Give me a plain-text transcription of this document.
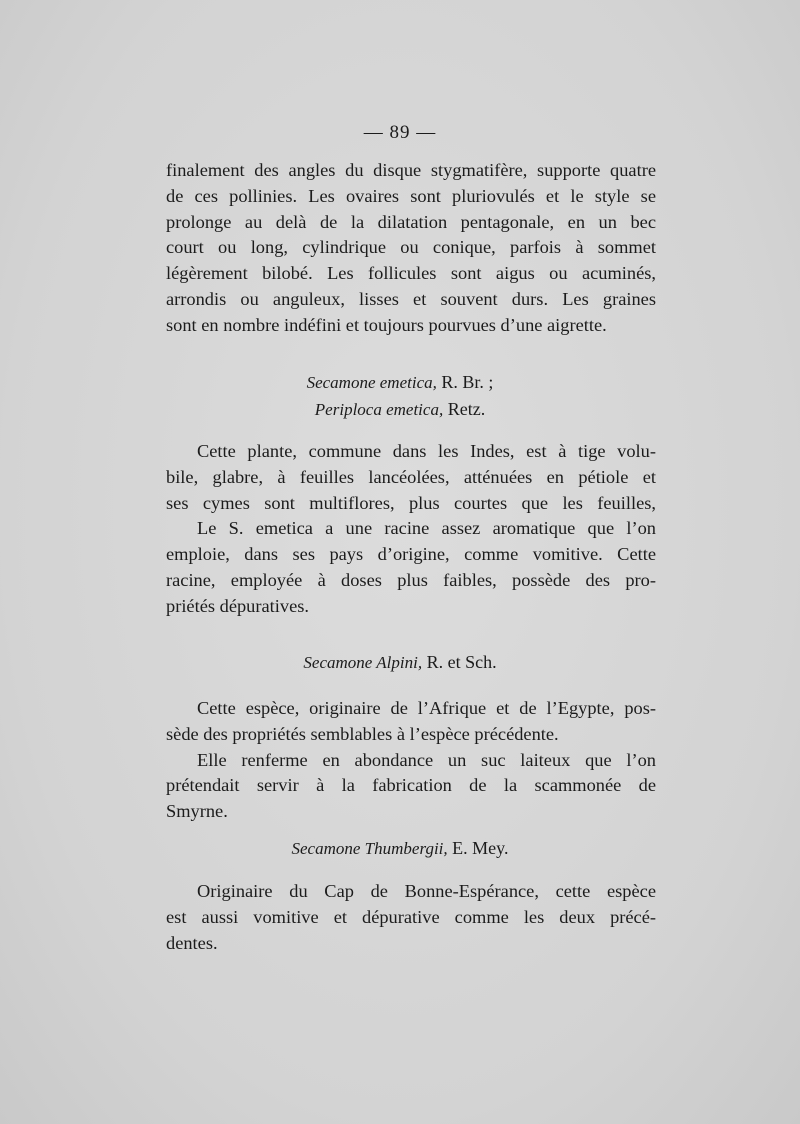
— 89 —
finalement des angles du disque stygmatifère, supporte quatre
de ces pollinies. Les ovaires sont pluriovulés et le style se
prolonge au delà de la dilatation pentagonale, en un bec
court ou long, cylindrique ou conique, parfois à sommet
légèrement bilobé. Les follicules sont aigus ou acuminés,
arrondis ou anguleux, lisses et souvent durs. Les graines
sont en nombre indéfini et toujours pourvues d’une aigrette.
Secamone emetica, R. Br. ;
Periploca emetica, Retz.
Cette plante, commune dans les Indes, est à tige volu-
bile, glabre, à feuilles lancéolées, atténuées en pétiole et
ses cymes sont multiflores, plus courtes que les feuilles,
Le S. emetica a une racine assez aromatique que l’on
emploie, dans ses pays d’origine, comme vomitive. Cette
racine, employée à doses plus faibles, possède des pro-
priétés dépuratives.
Secamone Alpini, R. et Sch.
Cette espèce, originaire de l’Afrique et de l’Egypte, pos-
sède des propriétés semblables à l’espèce précédente.
Elle renferme en abondance un suc laiteux que l’on
prétendait servir à la fabrication de la scammonée de
Smyrne.
Secamone Thumbergii, E. Mey.
Originaire du Cap de Bonne-Espérance, cette espèce
est aussi vomitive et dépurative comme les deux précé-
dentes.
